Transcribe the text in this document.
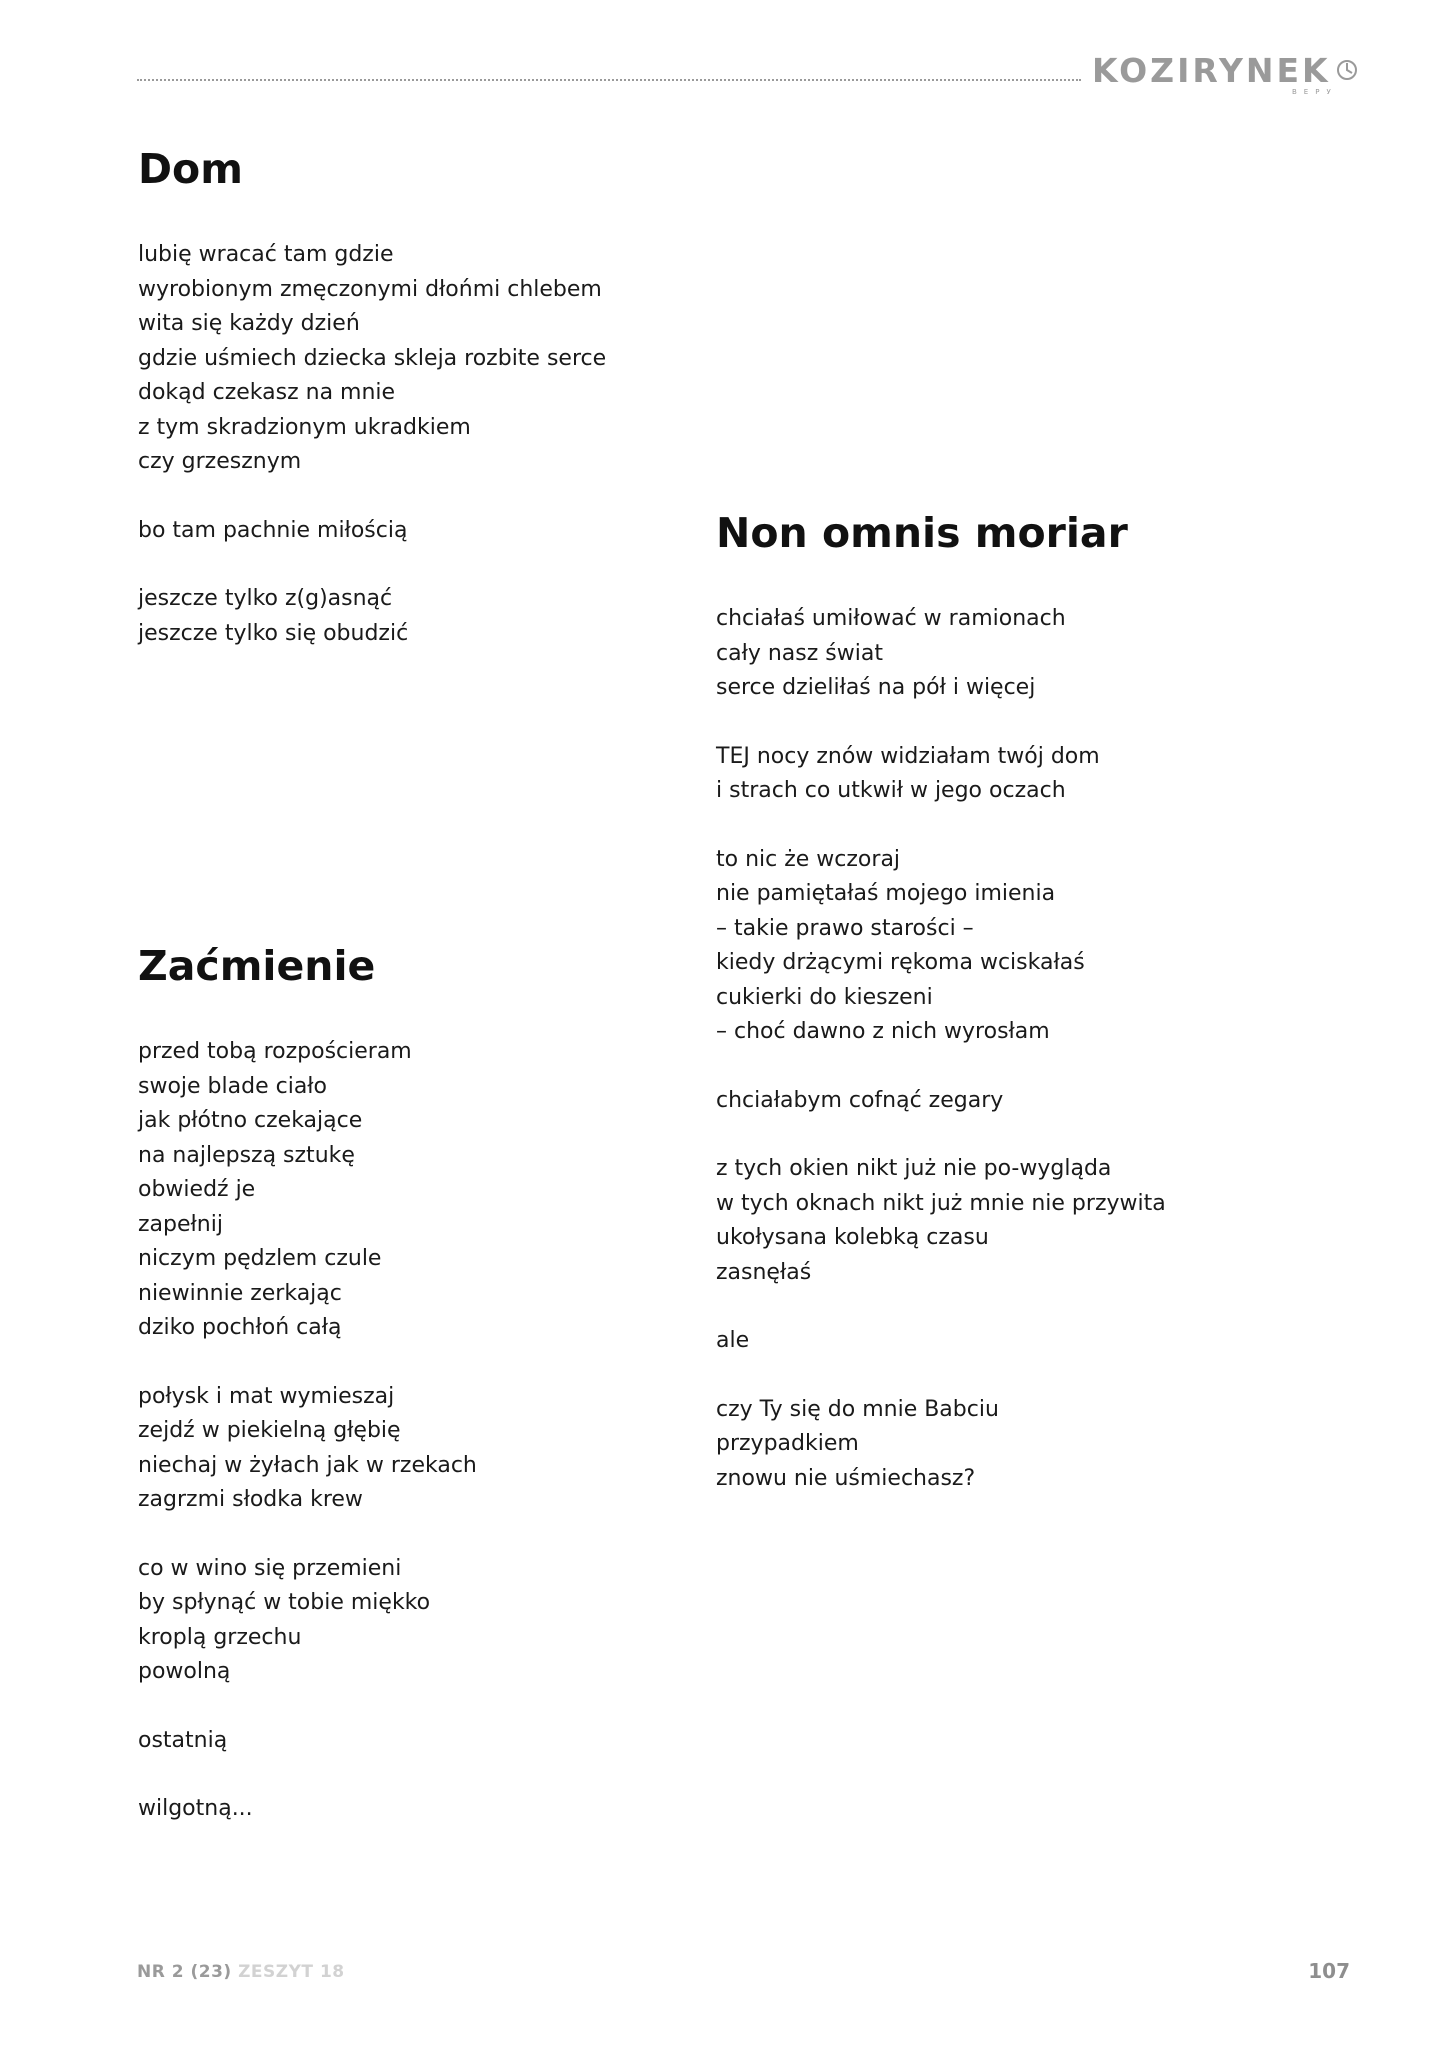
KOZIRYNEK
ВЕРУ
Dom
lubię wracać tam gdzie
wyrobionym zmęczonymi dłońmi chlebem
wita się każdy dzień
gdzie uśmiech dziecka skleja rozbite serce
dokąd czekasz na mnie
z tym skradzionym ukradkiem
czy grzesznym
bo tam pachnie miłością
jeszcze tylko z(g)asnąć
jeszcze tylko się obudzić
Zaćmienie
przed tobą rozpościeram
swoje blade ciało
jak płótno czekające
na najlepszą sztukę
obwiedź je
zapełnij
niczym pędzlem czule
niewinnie zerkając
dziko pochłoń całą
połysk i mat wymieszaj
zejdź w piekielną głębię
niechaj w żyłach jak w rzekach
zagrzmi słodka krew
co w wino się przemieni
by spłynąć w tobie miękko
kroplą grzechu
powolną
ostatnią
wilgotną...
Non omnis moriar
chciałaś umiłować w ramionach
cały nasz świat
serce dzieliłaś na pół i więcej
TEJ nocy znów widziałam twój dom
i strach co utkwił w jego oczach
to nic że wczoraj
nie pamiętałaś mojego imienia
– takie prawo starości –
kiedy drżącymi rękoma wciskałaś
cukierki do kieszeni
– choć dawno z nich wyrosłam
chciałabym cofnąć zegary
z tych okien nikt już nie po-wygląda
w tych oknach nikt już mnie nie przywita
ukołysana kolebką czasu
zasnęłaś
ale
czy Ty się do mnie Babciu
przypadkiem
znowu nie uśmiechasz?
NR 2 (23) ZESZYT 18	107
